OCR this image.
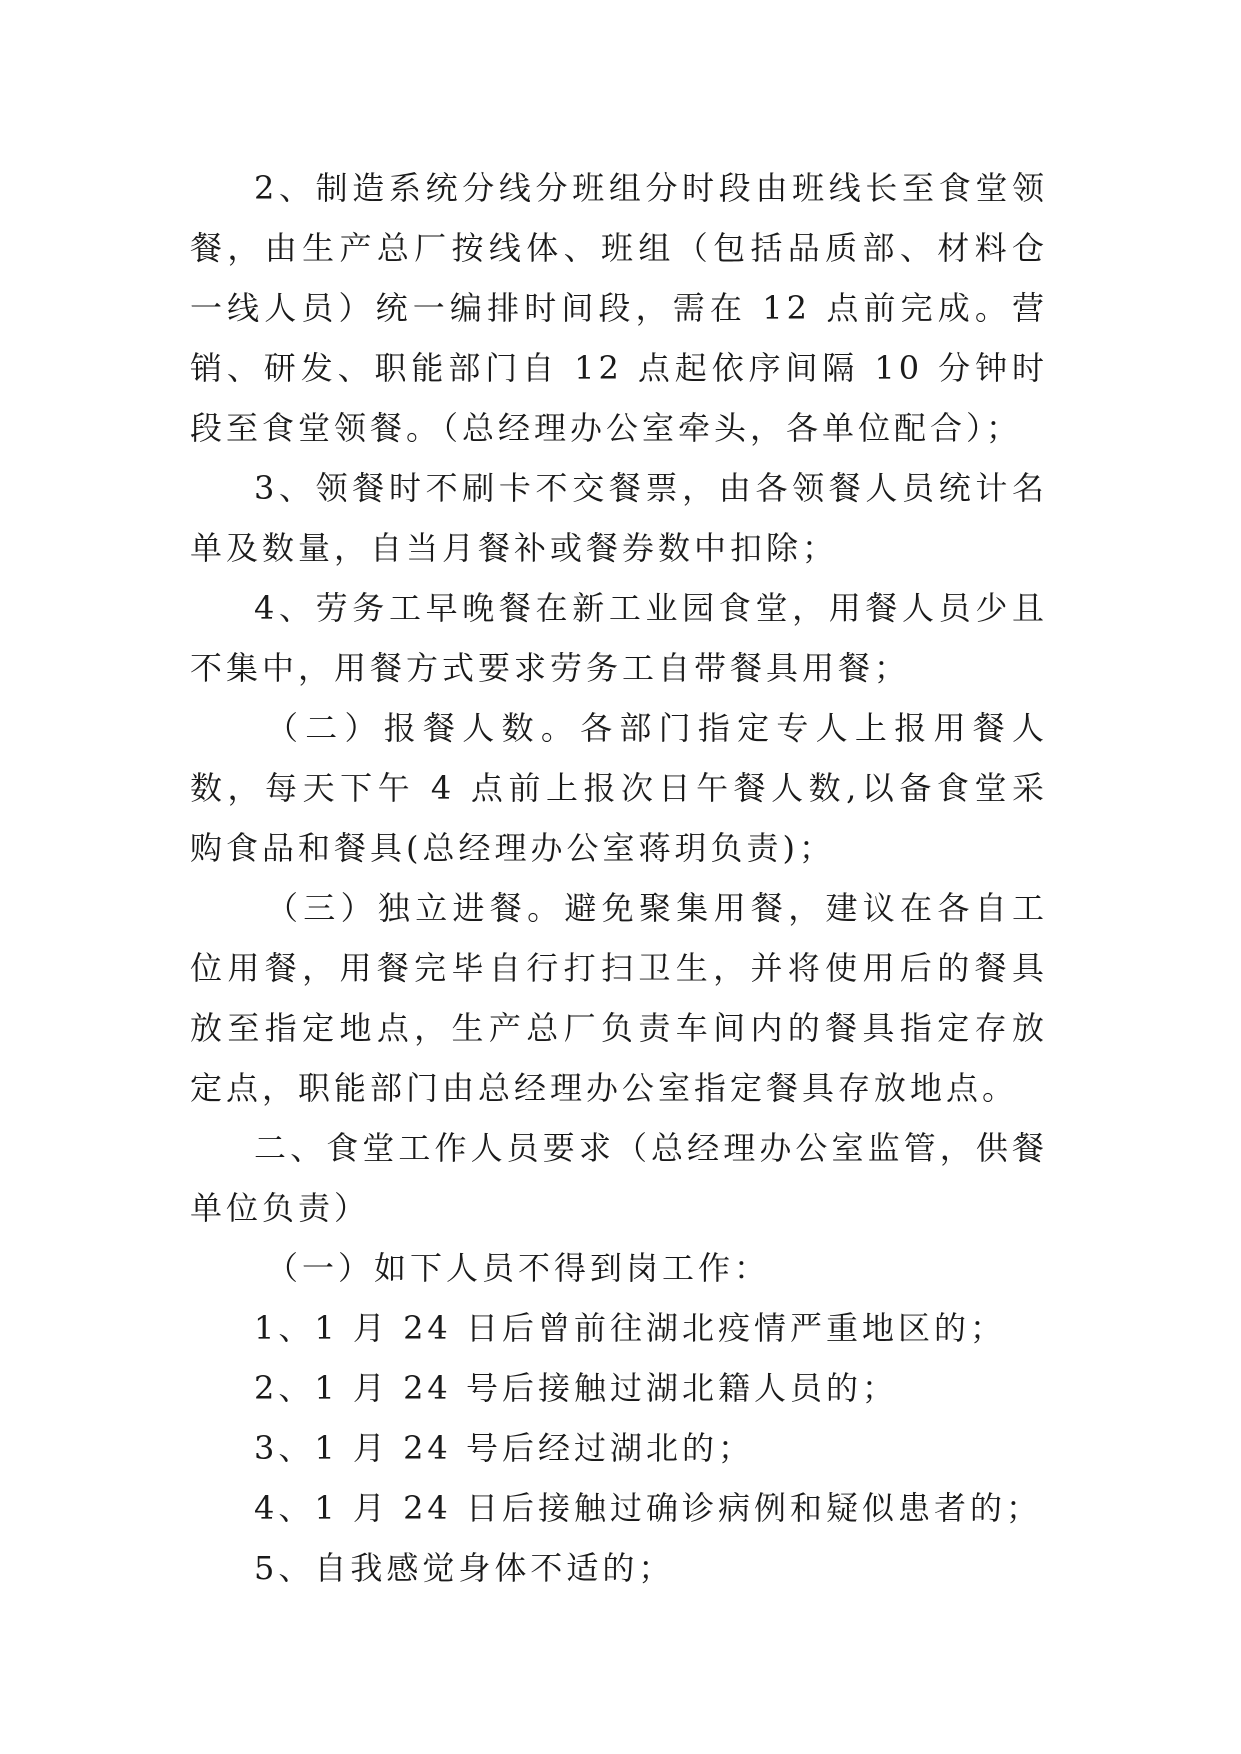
2、制造系统分线分班组分时段由班线长至食堂领餐，由生产总厂按线体、班组（包括品质部、材料仓一线人员）统一编排时间段，需在 12 点前完成。营销、研发、职能部门自 12 点起依序间隔 10 分钟时段至食堂领餐。（总经理办公室牵头，各单位配合）；

3、领餐时不刷卡不交餐票，由各领餐人员统计名单及数量，自当月餐补或餐券数中扣除；

4、劳务工早晚餐在新工业园食堂，用餐人员少且不集中，用餐方式要求劳务工自带餐具用餐；

（二）报餐人数。各部门指定专人上报用餐人数，每天下午 4 点前上报次日午餐人数,以备食堂采购食品和餐具(总经理办公室蒋玥负责)；

（三）独立进餐。避免聚集用餐，建议在各自工位用餐，用餐完毕自行打扫卫生，并将使用后的餐具放至指定地点，生产总厂负责车间内的餐具指定存放定点，职能部门由总经理办公室指定餐具存放地点。

二、食堂工作人员要求（总经理办公室监管，供餐单位负责）

（一）如下人员不得到岗工作：

1、1 月 24 日后曾前往湖北疫情严重地区的；

2、1 月 24 号后接触过湖北籍人员的；

3、1 月 24 号后经过湖北的；

4、1 月 24 日后接触过确诊病例和疑似患者的；

5、自我感觉身体不适的；
